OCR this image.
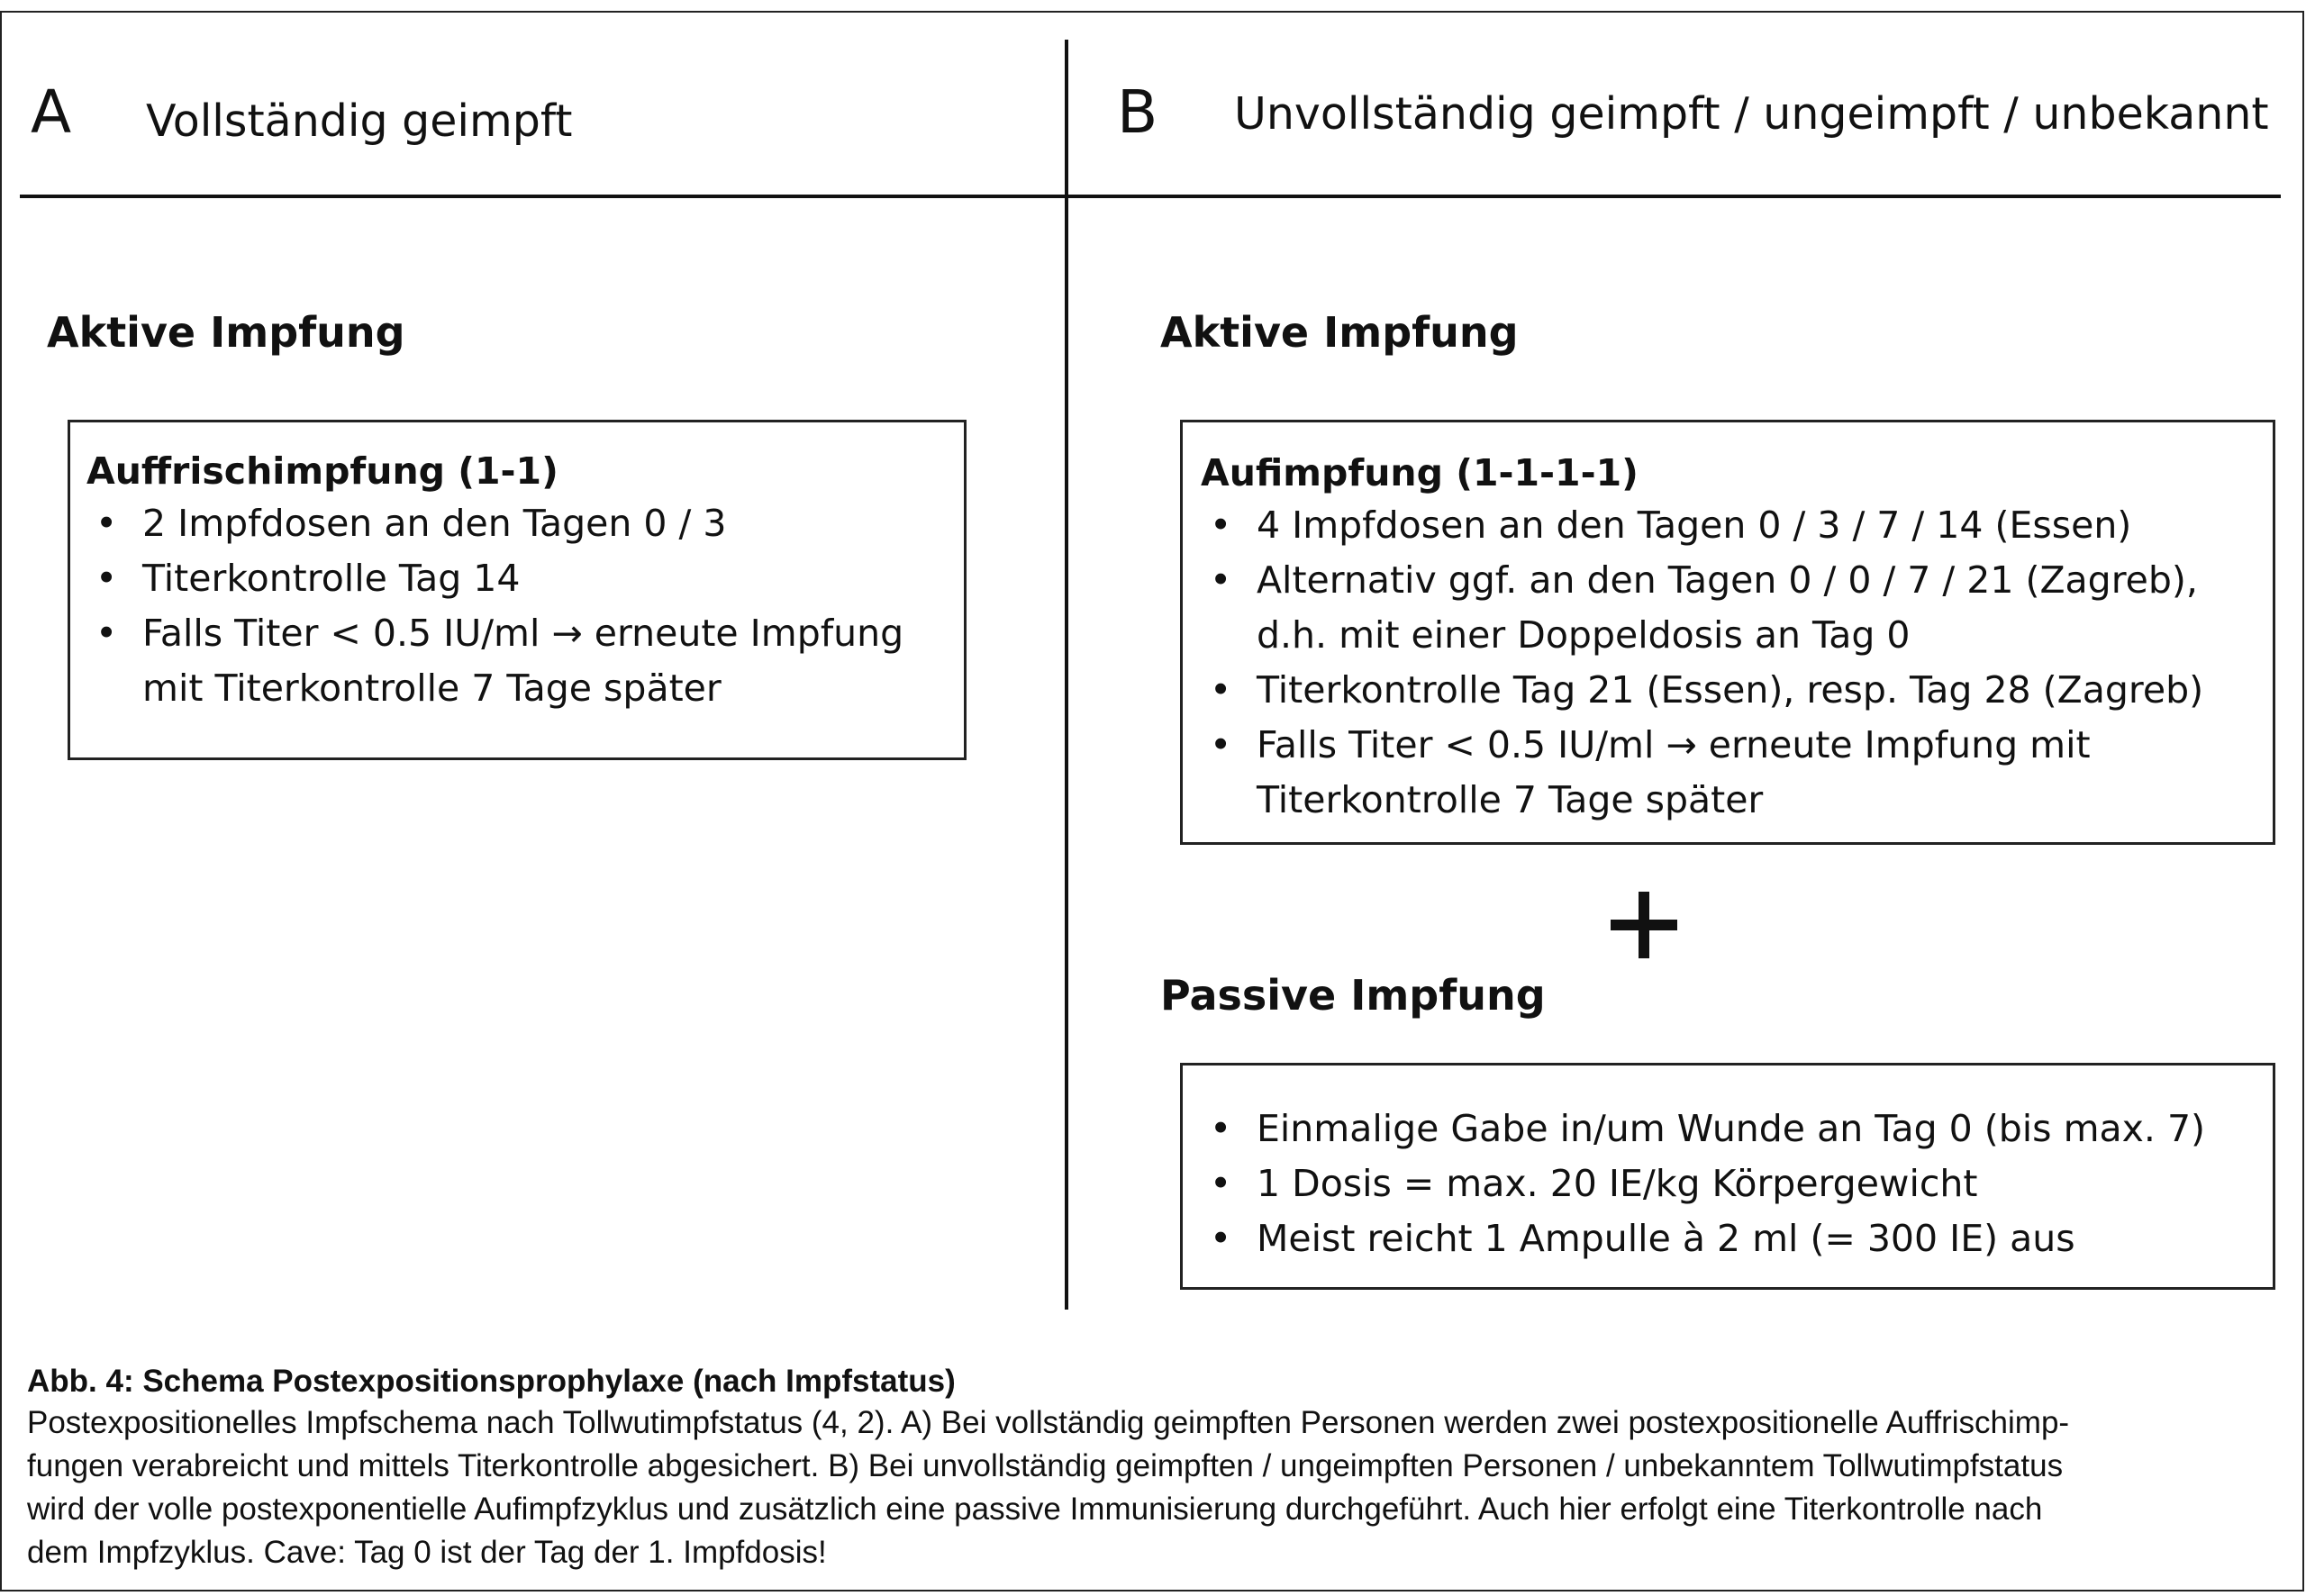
A Vollständig geimpft	B Unvollständig geimpft / ungeimpft / unbekannt
Aktive Impfung
Auffrischimpfung (1-1)
• 2 Impfdosen an den Tagen 0 / 3
• Titerkontrolle Tag 14
• Falls Titer < 0.5 IU/ml → erneute Impfung
mit Titerkontrolle 7 Tage später
Aktive Impfung
Aufimpfung (1-1-1-1)
• 4 Impfdosen an den Tagen 0 / 3 / 7 / 14 (Essen)
• Alternativ ggf. an den Tagen 0 / 0 / 7 / 21 (Zagreb),
d.h. mit einer Doppeldosis an Tag 0
• Titerkontrolle Tag 21 (Essen), resp. Tag 28 (Zagreb)
• Falls Titer < 0.5 IU/ml → erneute Impfung mit
Titerkontrolle 7 Tage später
Passive Impfung
• Einmalige Gabe in/um Wunde an Tag 0 (bis max. 7)
• 1 Dosis = max. 20 IE/kg Körpergewicht
• Meist reicht 1 Ampulle à 2 ml (= 300 IE) aus
Abb. 4: Schema Postexpositionsprophylaxe (nach Impfstatus)

Postexpositionelles Impfschema nach Tollwutimpfstatus (4, 2). A) Bei vollständig geimpften Personen werden zwei postexpositionelle Auffrischimp-

fungen verabreicht und mittels Titerkontrolle abgesichert. B) Bei unvollständig geimpften / ungeimpften Personen / unbekanntem Tollwutimpfstatus

wird der volle postexponentielle Aufimpfzyklus und zusätzlich eine passive Immunisierung durchgeführt. Auch hier erfolgt eine Titerkontrolle nach

dem Impfzyklus. Cave: Tag 0 ist der Tag der 1. Impfdosis!
